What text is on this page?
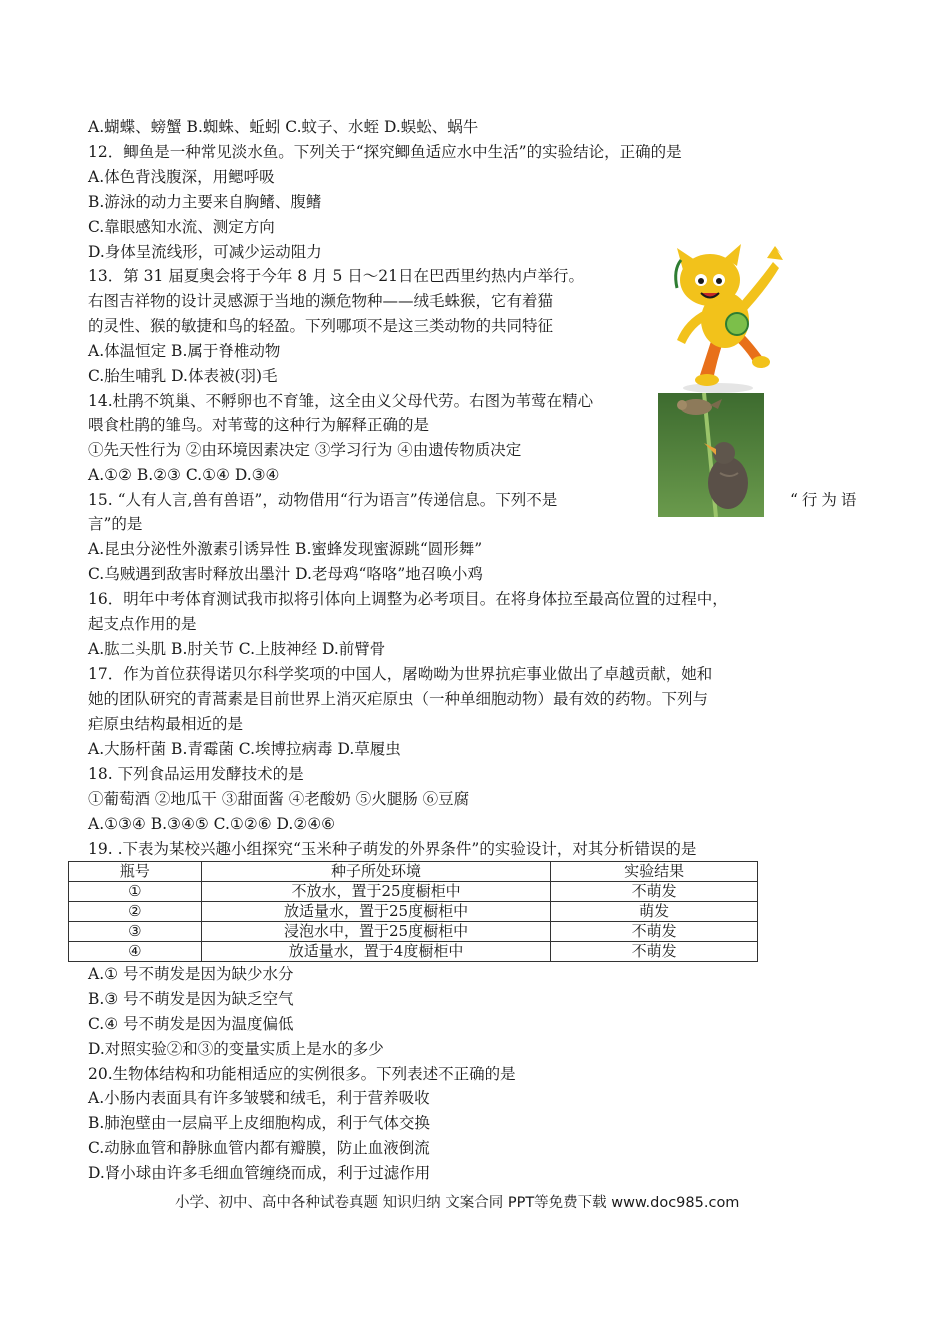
A.蝴蝶、螃蟹 B.蜘蛛、蚯蚓 C.蚊子、水蛭 D.蜈蚣、蜗牛
12．鲫鱼是一种常见淡水鱼。下列关于“探究鲫鱼适应水中生活”的实验结论，正确的是
A.体色背浅腹深，用鳃呼吸
B.游泳的动力主要来自胸鳍、腹鳍
C.靠眼感知水流、测定方向
D.身体呈流线形，可减少运动阻力
13．第 31 届夏奥会将于今年 8 月 5 日～21日在巴西里约热内卢举行。
右图吉祥物的设计灵感源于当地的濒危物种——绒毛蛛猴，它有着猫
的灵性、猴的敏捷和鸟的轻盈。下列哪项不是这三类动物的共同特征
A.体温恒定 B.属于脊椎动物
C.胎生哺乳 D.体表被(羽)毛
14.杜鹃不筑巢、不孵卵也不育雏，这全由义父母代劳。右图为苇莺在精心
喂食杜鹃的雏鸟。对苇莺的这种行为解释正确的是
①先天性行为 ②由环境因素决定 ③学习行为 ④由遗传物质决定
A.①② B.②③ C.①④ D.③④
15. “人有人言,兽有兽语”，动物借用“行为语言”传递信息。下列不是	“行为语
言”的是
A.昆虫分泌性外激素引诱异性 B.蜜蜂发现蜜源跳“圆形舞”
C.乌贼遇到敌害时释放出墨汁 D.老母鸡“咯咯”地召唤小鸡
16．明年中考体育测试我市拟将引体向上调整为必考项目。在将身体拉至最高位置的过程中，
起支点作用的是
A.肱二头肌 B.肘关节 C.上肢神经 D.前臂骨
17．作为首位获得诺贝尔科学奖项的中国人，屠呦呦为世界抗疟事业做出了卓越贡献，她和
她的团队研究的青蒿素是目前世界上消灭疟原虫（一种单细胞动物）最有效的药物。下列与
疟原虫结构最相近的是
A.大肠杆菌 B.青霉菌 C.埃博拉病毒 D.草履虫
18. 下列食品运用发酵技术的是
①葡萄酒 ②地瓜干 ③甜面酱 ④老酸奶 ⑤火腿肠 ⑥豆腐
A.①③④ B.③④⑤ C.①②⑥ D.②④⑥
19. .下表为某校兴趣小组探究“玉米种子萌发的外界条件”的实验设计，对其分析错误的是
瓶号	种子所处环境	实验结果
①	不放水，置于25度橱柜中	不萌发
②	放适量水，置于25度橱柜中	萌发
③	浸泡水中，置于25度橱柜中	不萌发
④	放适量水，置于4度橱柜中	不萌发
A.① 号不萌发是因为缺少水分
B.③ 号不萌发是因为缺乏空气
C.④ 号不萌发是因为温度偏低
D.对照实验②和③的变量实质上是水的多少
20.生物体结构和功能相适应的实例很多。下列表述不正确的是
A.小肠内表面具有许多皱襞和绒毛，利于营养吸收
B.肺泡壁由一层扁平上皮细胞构成，利于气体交换
C.动脉血管和静脉血管内都有瓣膜，防止血液倒流
D.肾小球由许多毛细血管缠绕而成，利于过滤作用
小学、初中、高中各种试卷真题 知识归纳 文案合同 PPT等免费下载 www.doc985.com
